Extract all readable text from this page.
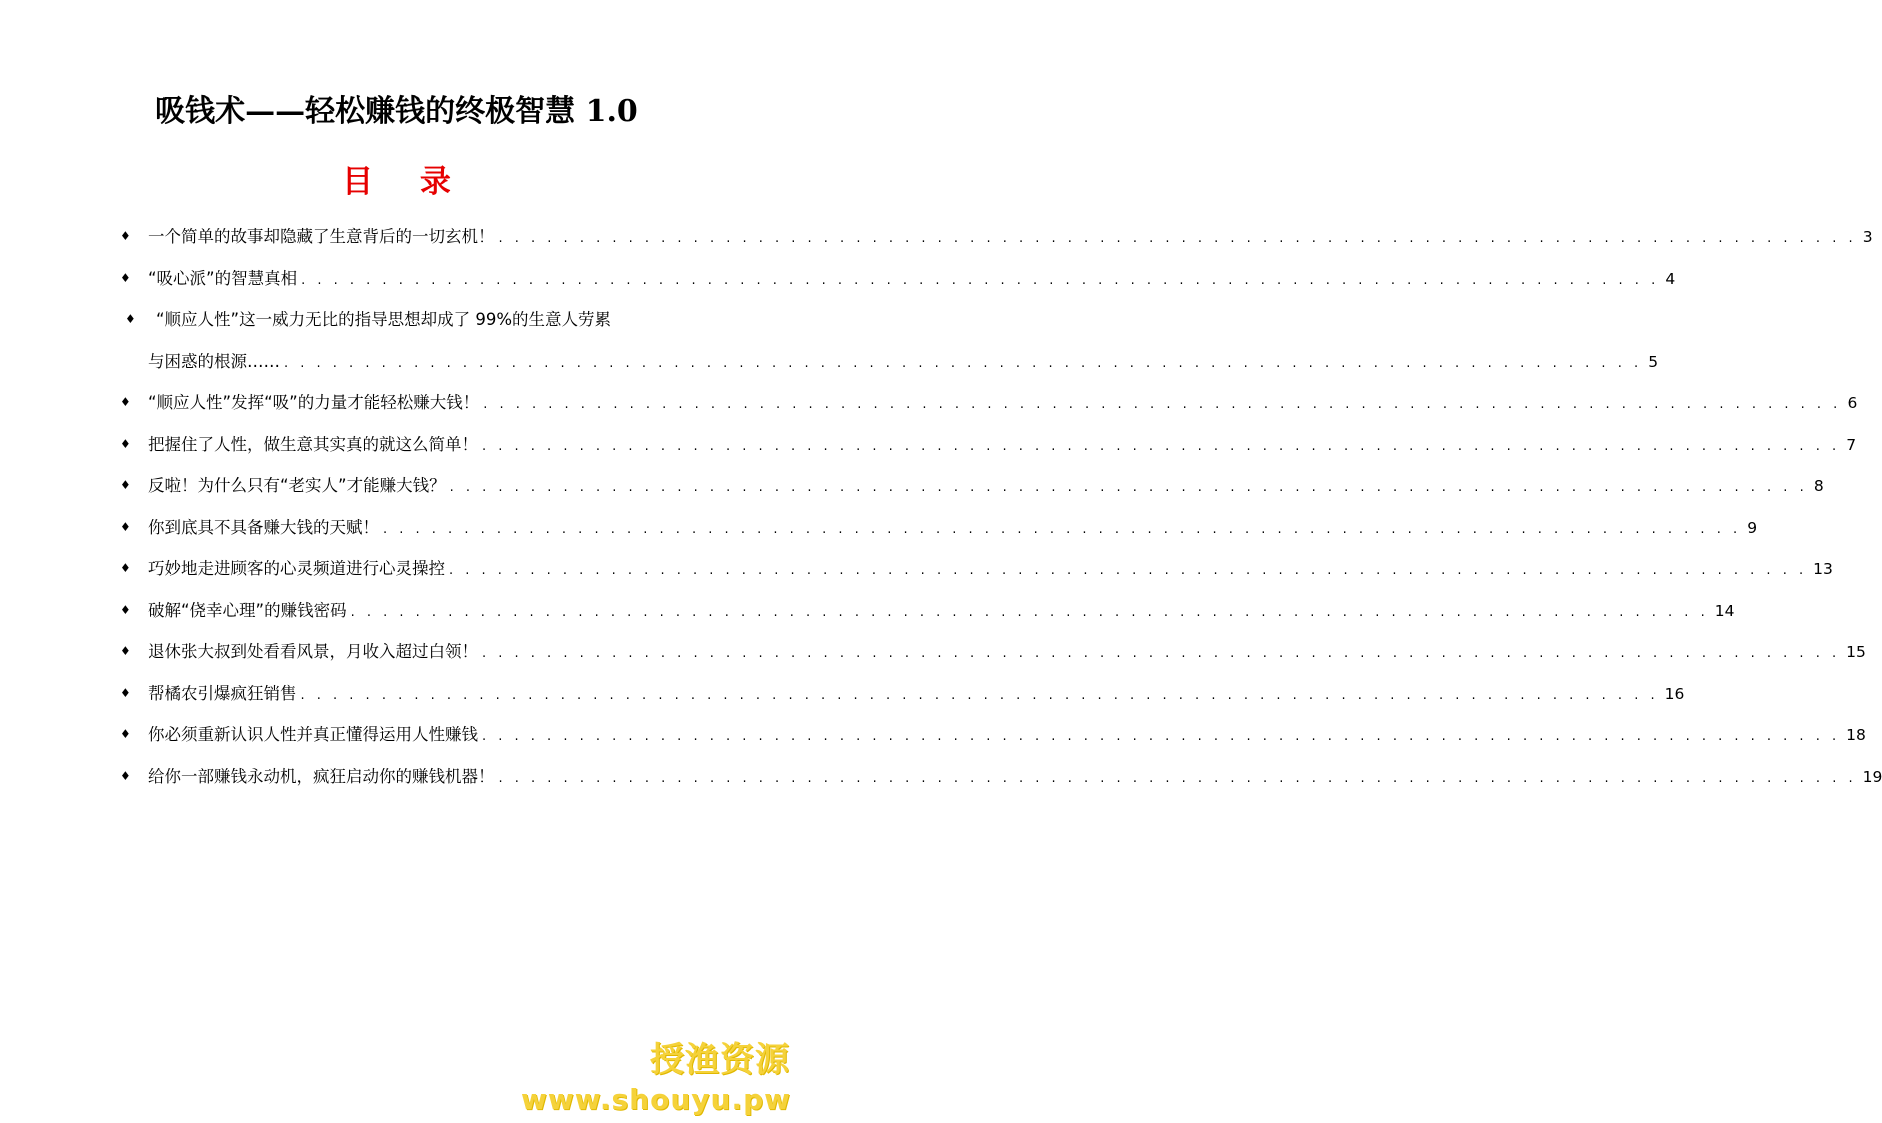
吸钱术——轻松赚钱的终极智慧 1.0
目 录
♦ 一个简单的故事却隐藏了生意背后的一切玄机！ . . . . . . . . . . . . . . . . . . . . . . . . . . . . . . . . . . . . . . . . . . . . . . . . . . . . . . . . . . . . . . . . . . . . . . . . . . . . . . . . . . . . 3
♦ “吸心派”的智慧真相 . . . . . . . . . . . . . . . . . . . . . . . . . . . . . . . . . . . . . . . . . . . . . . . . . . . . . . . . . . . . . . . . . . . . . . . . . . . . . . . . . . . . 4
♦ “顺应人性”这一威力无比的指导思想却成了 99%的生意人劳累
与困惑的根源…… . . . . . . . . . . . . . . . . . . . . . . . . . . . . . . . . . . . . . . . . . . . . . . . . . . . . . . . . . . . . . . . . . . . . . . . . . . . . . . . . . . . . 5
♦ “顺应人性”发挥“吸”的力量才能轻松赚大钱！ . . . . . . . . . . . . . . . . . . . . . . . . . . . . . . . . . . . . . . . . . . . . . . . . . . . . . . . . . . . . . . . . . . . . . . . . . . . . . . . . . . . . 6
♦ 把握住了人性，做生意其实真的就这么简单！ . . . . . . . . . . . . . . . . . . . . . . . . . . . . . . . . . . . . . . . . . . . . . . . . . . . . . . . . . . . . . . . . . . . . . . . . . . . . . . . . . . . . 7
♦ 反啦！为什么只有“老实人”才能赚大钱？ . . . . . . . . . . . . . . . . . . . . . . . . . . . . . . . . . . . . . . . . . . . . . . . . . . . . . . . . . . . . . . . . . . . . . . . . . . . . . . . . . . . . 8
♦ 你到底具不具备赚大钱的天赋！ . . . . . . . . . . . . . . . . . . . . . . . . . . . . . . . . . . . . . . . . . . . . . . . . . . . . . . . . . . . . . . . . . . . . . . . . . . . . . . . . . . . . 9
♦ 巧妙地走进顾客的心灵频道进行心灵操控 . . . . . . . . . . . . . . . . . . . . . . . . . . . . . . . . . . . . . . . . . . . . . . . . . . . . . . . . . . . . . . . . . . . . . . . . . . . . . . . . . . . . 13
♦ 破解“侥幸心理”的赚钱密码 . . . . . . . . . . . . . . . . . . . . . . . . . . . . . . . . . . . . . . . . . . . . . . . . . . . . . . . . . . . . . . . . . . . . . . . . . . . . . . . . . . . . 14
♦ 退休张大叔到处看看风景，月收入超过白领！ . . . . . . . . . . . . . . . . . . . . . . . . . . . . . . . . . . . . . . . . . . . . . . . . . . . . . . . . . . . . . . . . . . . . . . . . . . . . . . . . . . . . 15
♦ 帮橘农引爆疯狂销售 . . . . . . . . . . . . . . . . . . . . . . . . . . . . . . . . . . . . . . . . . . . . . . . . . . . . . . . . . . . . . . . . . . . . . . . . . . . . . . . . . . . . 16
♦ 你必须重新认识人性并真正懂得运用人性赚钱 . . . . . . . . . . . . . . . . . . . . . . . . . . . . . . . . . . . . . . . . . . . . . . . . . . . . . . . . . . . . . . . . . . . . . . . . . . . . . . . . . . . . 18
♦ 给你一部赚钱永动机，疯狂启动你的赚钱机器！ . . . . . . . . . . . . . . . . . . . . . . . . . . . . . . . . . . . . . . . . . . . . . . . . . . . . . . . . . . . . . . . . . . . . . . . . . . . . . . . . . . . . 19
授渔资源
www.shouyu.pw
